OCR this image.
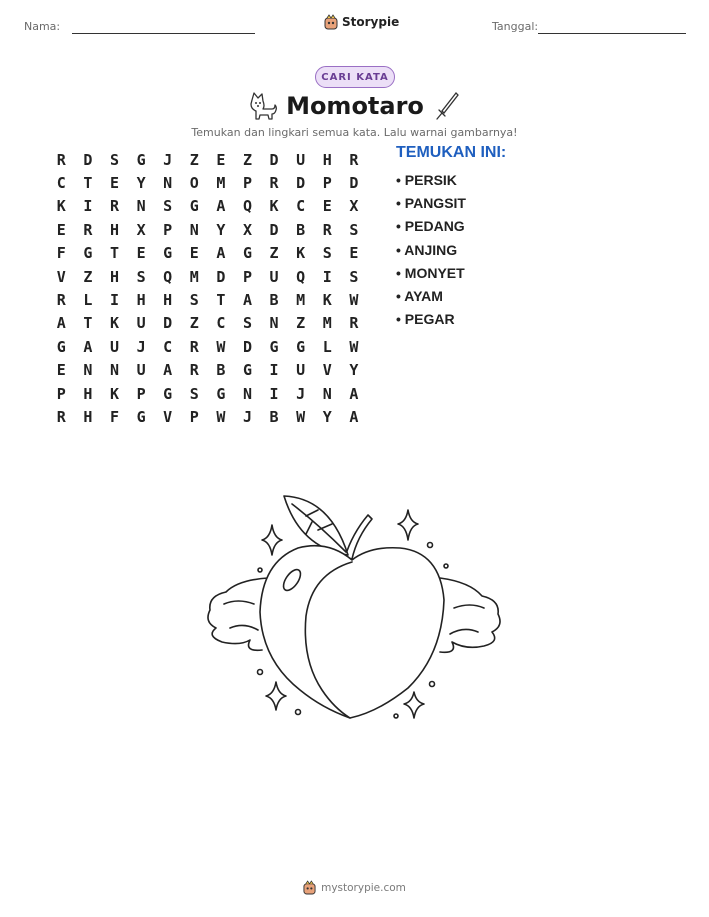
Nama:	Storypie	Tanggal:
CARI KATA
Momotaro
Temukan dan lingkari semua kata. Lalu warnai gambarnya!
R	D	S	G	J	Z	E	Z	D	U	H	R
C	T	E	Y	N	O	M	P	R	D	P	D
K	I	R	N	S	G	A	Q	K	C	E	X
E	R	H	X	P	N	Y	X	D	B	R	S
F	G	T	E	G	E	A	G	Z	K	S	E
V	Z	H	S	Q	M	D	P	U	Q	I	S
R	L	I	H	H	S	T	A	B	M	K	W
A	T	K	U	D	Z	C	S	N	Z	M	R
G	A	U	J	C	R	W	D	G	G	L	W
E	N	N	U	A	R	B	G	I	U	V	Y
P	H	K	P	G	S	G	N	I	J	N	A
R	H	F	G	V	P	W	J	B	W	Y	A
TEMUKAN INI:
• PERSIK
• PANGSIT
• PEDANG
• ANJING
• MONYET
• AYAM
• PEGAR
mystorypie.com
